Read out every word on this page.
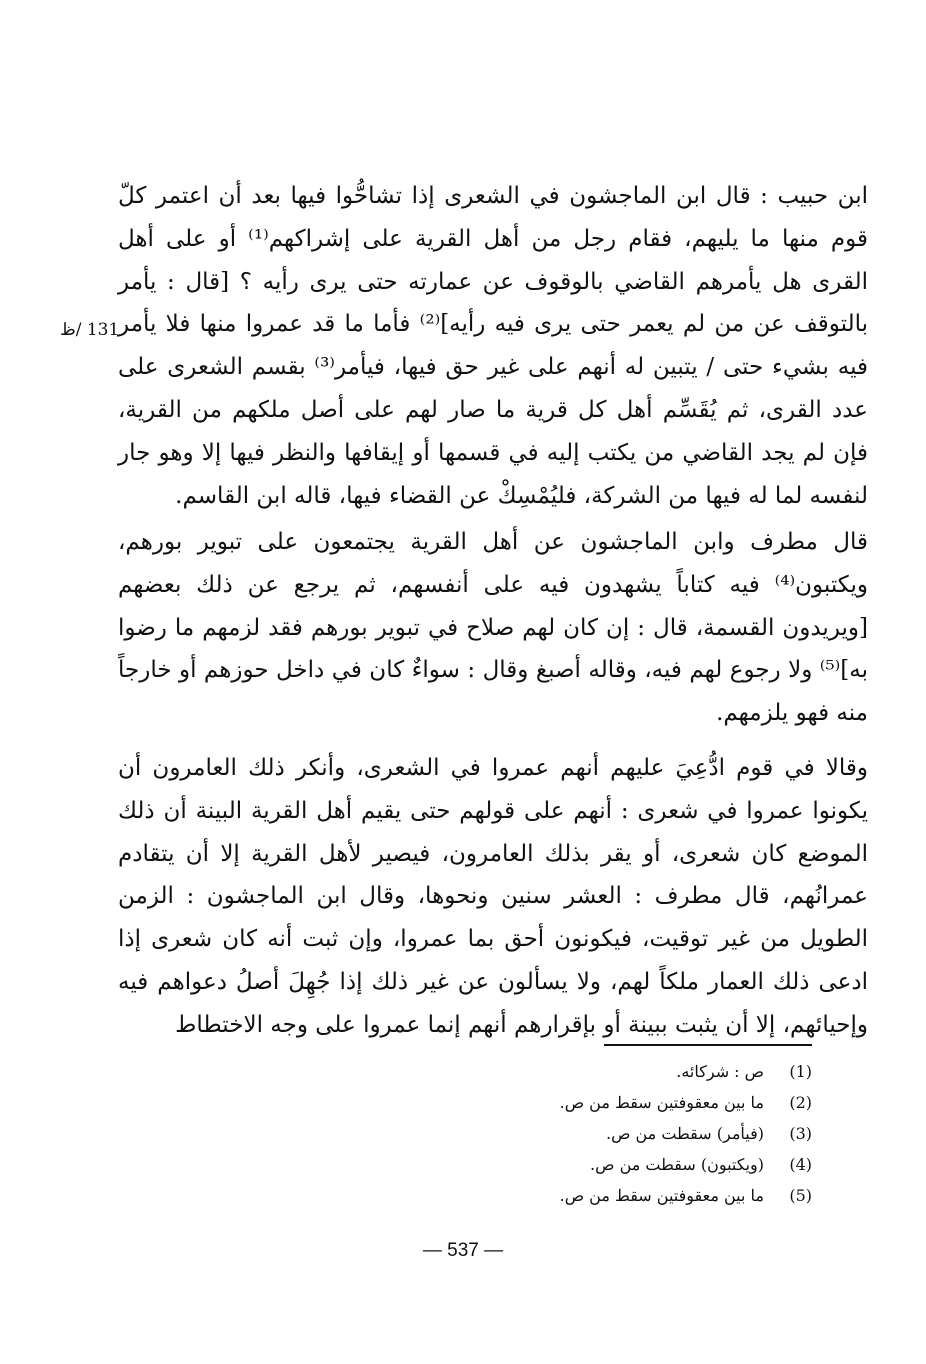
131 /ظ

ابن حبيب : قال ابن الماجشون في الشعرى إذا تشاحُّوا فيها بعد أن اعتمر كلّ قوم منها ما يليهم، فقام رجل من أهل القرية على إشراكهم⁽¹⁾ أو على أهل القرى هل يأمرهم القاضي بالوقوف عن عمارته حتى يرى رأيه ؟ [قال : يأمر بالتوقف عن من لم يعمر حتى يرى فيه رأيه]⁽²⁾ فأما ما قد عمروا منها فلا يأمر فيه بشيء حتى / يتبين له أنهم على غير حق فيها، فيأمر⁽³⁾ بقسم الشعرى على عدد القرى، ثم يُقَسِّم أهل كل قرية ما صار لهم على أصل ملكهم من القرية، فإن لم يجد القاضي من يكتب إليه في قسمها أو إيقافها والنظر فيها إلا وهو جار لنفسه لما له فيها من الشركة، فليُمْسِكْ عن القضاء فيها، قاله ابن القاسم.

قال مطرف وابن الماجشون عن أهل القرية يجتمعون على تبوير بورهم، ويكتبون⁽⁴⁾ فيه كتاباً يشهدون فيه على أنفسهم، ثم يرجع عن ذلك بعضهم [ويريدون القسمة، قال : إن كان لهم صلاح في تبوير بورهم فقد لزمهم ما رضوا به]⁽⁵⁾ ولا رجوع لهم فيه، وقاله أصبغ وقال : سواءٌ كان في داخل حوزهم أو خارجاً منه فهو يلزمهم.

وقالا في قوم ادُّعِيَ عليهم أنهم عمروا في الشعرى، وأنكر ذلك العامرون أن يكونوا عمروا في شعرى : أنهم على قولهم حتى يقيم أهل القرية البينة أن ذلك الموضع كان شعرى، أو يقر بذلك العامرون، فيصير لأهل القرية إلا أن يتقادم عمرانُهم، قال مطرف : العشر سنين ونحوها، وقال ابن الماجشون : الزمن الطويل من غير توقيت، فيكونون أحق بما عمروا، وإن ثبت أنه كان شعرى إذا ادعى ذلك العمار ملكاً لهم، ولا يسألون عن غير ذلك إذا جُهِلَ أصلُ دعواهم فيه وإحيائهم، إلا أن يثبت ببينة أو بإقرارهم أنهم إنما عمروا على وجه الاختطاط

(1)
ص : شركائه.
(2)
ما بين معقوفتين سقط من ص.
(3)
(فيأمر) سقطت من ص.
(4)
(ويكتبون) سقطت من ص.
(5)
ما بين معقوفتين سقط من ص.
— 537 —
